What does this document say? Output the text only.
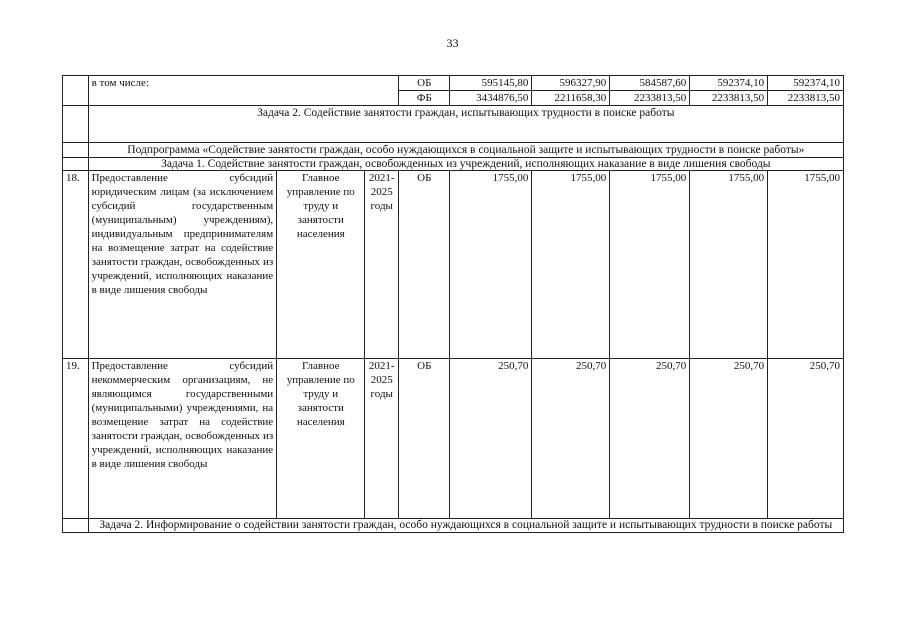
33
	в том числе:			ОБ	595145,80	596327,90	584587,60	592374,10	592374,10
				ФБ	3434876,50	2211658,30	2233813,50	2233813,50	2233813,50
	Задача 2. Содействие занятости граждан, испытывающих трудности в поиске работы								
	Подпрограмма «Содействие занятости граждан, особо нуждающихся в социальной защите и испытывающих трудности в поиске работы»								
	Задача 1. Содействие занятости граждан, освобожденных из учреждений, исполняющих наказание в виде лишения свободы								
18.	Предоставление субсидий юридическим лицам (за исключением субсидий государственным (муниципальным) учреждениям), индивидуальным предпринимателям на возмещение затрат на содействие занятости граждан, освобожденных из учреждений, исполняющих наказание в виде лишения свободы	Главное управление по труду и занятости населения	2021-2025 годы	ОБ	1755,00	1755,00	1755,00	1755,00	1755,00
19.	Предоставление субсидий некоммерческим организациям, не являющимся государственными (муниципальными) учреждениями, на возмещение затрат на содействие занятости граждан, освобожденных из учреждений, исполняющих наказание в виде лишения свободы	Главное управление по труду и занятости населения	2021-2025 годы	ОБ	250,70	250,70	250,70	250,70	250,70
	Задача 2. Информирование о содействии занятости граждан, особо нуждающихся в социальной защите и испытывающих трудности в поиске работы								
